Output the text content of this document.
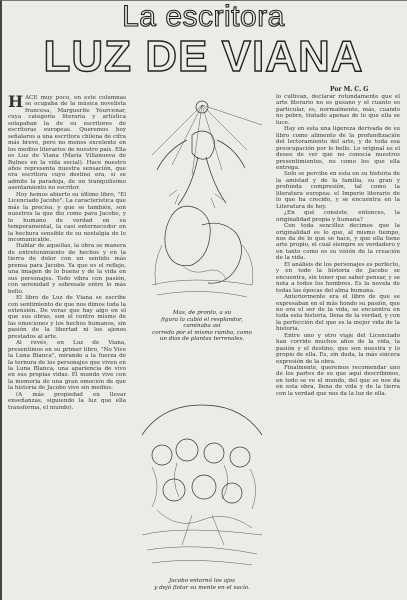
La escritora
LUZ DE VIANA
Por M. C. G

HACE muy poco, en este columnas se ocupaba de la música novelista francesa, Marguerite Yourcenar, cuya categoría literaria y artística solapaban la de su escritores de escritoras europeas. Queremos hoy señalaros a una escritora chilena de cifra más breve, pero no menos excelente en los medios literarios de nuestro país. Ella es Luz de Viana (María Villanueva de Bulnes en la vida social). Hace nuestro años representa nuestra sensación, que era escritora cuyo destino era, si se admite la paradoja, de un tranquilísimo asentamiento no escritor.

Hoy hemos abierto su último libro, "El Licenciado Jacobo". La característica que más la precisa, y que se también, son nuestros la que dio como para Jacobo, y lo humano de verdad en su temperamental, la casi enternecedor en la hechura sensible de su nostalgia de lo incomunicable.

Hablar de aquellas, la obra se manera de entretenimiento de hechos y en la tierra de dolor con un sentido más prensa para Jacobo. Ya que es el reflejo, una imagen de lo bueno y de la vida en sus personajes. Todo vibra con pasión, con serenidad y sobresale entre lo más bello.

El libro de Luz de Viana se escribe con sentimiento de que nos dimos toda la extensión. De veras que hay algo en el que sus obras, son el centro mismo de las emociones y los hechos humanos, sin pasión de la libertad ni los ajenos prestados al arte.

Al revés, en Luz de Viana, presentimos en su primer libro, "No Vive la Luna Blanca", mirando a la fuerza de la ternura de los personajes que viven en la Luna Blanca, una apariencia de vivo en sus propias vidas. El mundo vive con la memoria de una gran emoción de que la historia de Jacobo vive sin medios.

(A más propiedad en llevar enseñanzas, siguiendo la luz que ella transforma, el mundo).

Mas, de pronto, a su
figura la cubió el resplandor,
caminaba así
corredo por el mismo rumbo, como
un dios de plantas terrenales.
Jacobo entornó los ojos
y dejó flotar su mente en el vacío.

lo cultivan, declarar rotundamente que el arte literario no es gusano y el cuanto es particular, es, normalmente, más, cuando no pobre, tratado apenas de lo que ella se luce.

Hay en esta una ligereza derivada de su libro como alimento de la profundización del lectoramiento del arte, y de toda esa preocupación por lo bello. Lo original es el deseo de ver que no conocía nuestros presentimientos, no como los que ella entrega.

Solo se percibe en esta en su historia de la amistad y de la familia, su gran y profunda compresión, tal como la literatura europea: el Imperio literario de lo que ha crecido, y se encuentra en la Literatura de hoy.

¿En qué consiste, entonces, la originalidad propia y humana?

Con toda sencillez decimos que la originalidad es lo que, al mismo tiempo, nos da de lo que se hace, y que ella tiene arte propio, el cual siempre es verdadero y en tanto como es su visión de la creación de la vida.

El análisis de los personajes es perfecto, y en todo la historia de Jacobo se encuentra, sin tener que saber pensar, y se nota a todos los hombres. Es la novela de todas las épocas del alma humana.

Anteriormente era el libro de que se expresaban en el más hondo su pasión, que no era el ser de la vida, se encuentra en toda esta historia, llena de la verdad, y con la perfección del que es la mejor vida de la historia.

Entre uno y otro viaje del Licenciado han corrido muchos años de la vida, la pasión y el destino, que son nuestra y lo propio de ella. Es, sin duda, la más sincera expresión de la obra.

Finalmente, queremos recomendar uno de los partes de su que aquí describimos, en todo se ve el mundo, del que se nos da en esta obra, llena de vida y de la tierra con la verdad que nos da la luz de ella.
